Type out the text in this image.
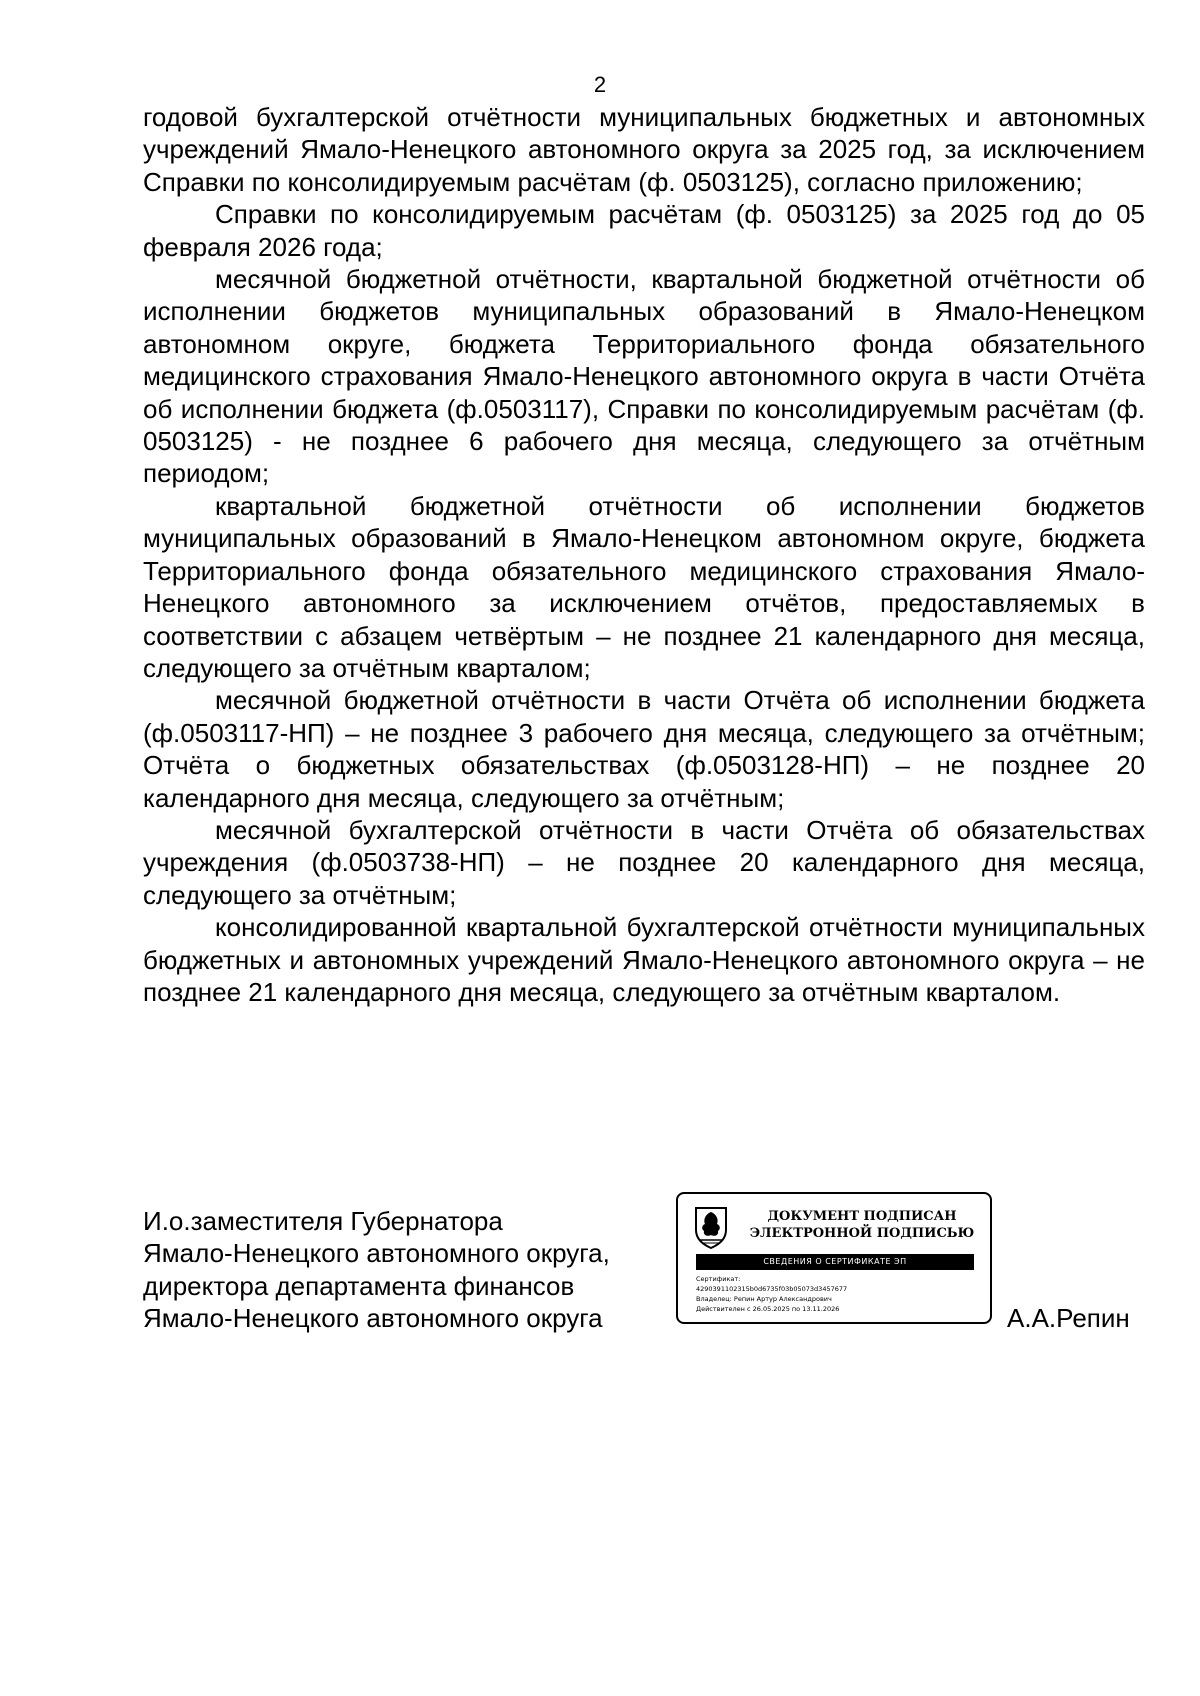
2

годовой бухгалтерской отчётности муниципальных бюджетных и автономных учреждений Ямало-Ненецкого автономного округа за 2025 год, за исключением Справки по консолидируемым расчётам (ф. 0503125), согласно приложению;

Справки по консолидируемым расчётам (ф. 0503125) за 2025 год до 05 февраля 2026 года;

месячной бюджетной отчётности, квартальной бюджетной отчётности об исполнении бюджетов муниципальных образований в Ямало-Ненецком автономном округе, бюджета Территориального фонда обязательного медицинского страхования Ямало-Ненецкого автономного округа в части Отчёта об исполнении бюджета (ф.0503117), Справки по консолидируемым расчётам (ф. 0503125) - не позднее 6 рабочего дня месяца, следующего за отчётным периодом;

квартальной бюджетной отчётности об исполнении бюджетов муниципальных образований в Ямало-Ненецком автономном округе, бюджета Территориального фонда обязательного медицинского страхования Ямало-Ненецкого автономного за исключением отчётов, предоставляемых в соответствии с абзацем четвёртым – не позднее 21 календарного дня месяца, следующего за отчётным кварталом;

месячной бюджетной отчётности в части Отчёта об исполнении бюджета (ф.0503117-НП) – не позднее 3 рабочего дня месяца, следующего за отчётным; Отчёта о бюджетных обязательствах (ф.0503128-НП) – не позднее 20 календарного дня месяца, следующего за отчётным;

месячной бухгалтерской отчётности в части Отчёта об обязательствах учреждения (ф.0503738-НП) – не позднее 20 календарного дня месяца, следующего за отчётным;

консолидированной квартальной бухгалтерской отчётности муниципальных бюджетных и автономных учреждений Ямало-Ненецкого автономного округа – не позднее 21 календарного дня месяца, следующего за отчётным кварталом.

И.о.заместителя Губернатора
Ямало-Ненецкого автономного округа,
директора департамента финансов
Ямало-Ненецкого автономного округа
ДОКУМЕНТ ПОДПИСАН
ЭЛЕКТРОННОЙ ПОДПИСЬЮ
СВЕДЕНИЯ О СЕРТИФИКАТЕ ЭП
Сертификат:
4290391102315b0d6735f03b05073d3457677
Владелец: Репин Артур Александрович
Действителен с 26.05.2025 по 13.11.2026	А.А.Репин
